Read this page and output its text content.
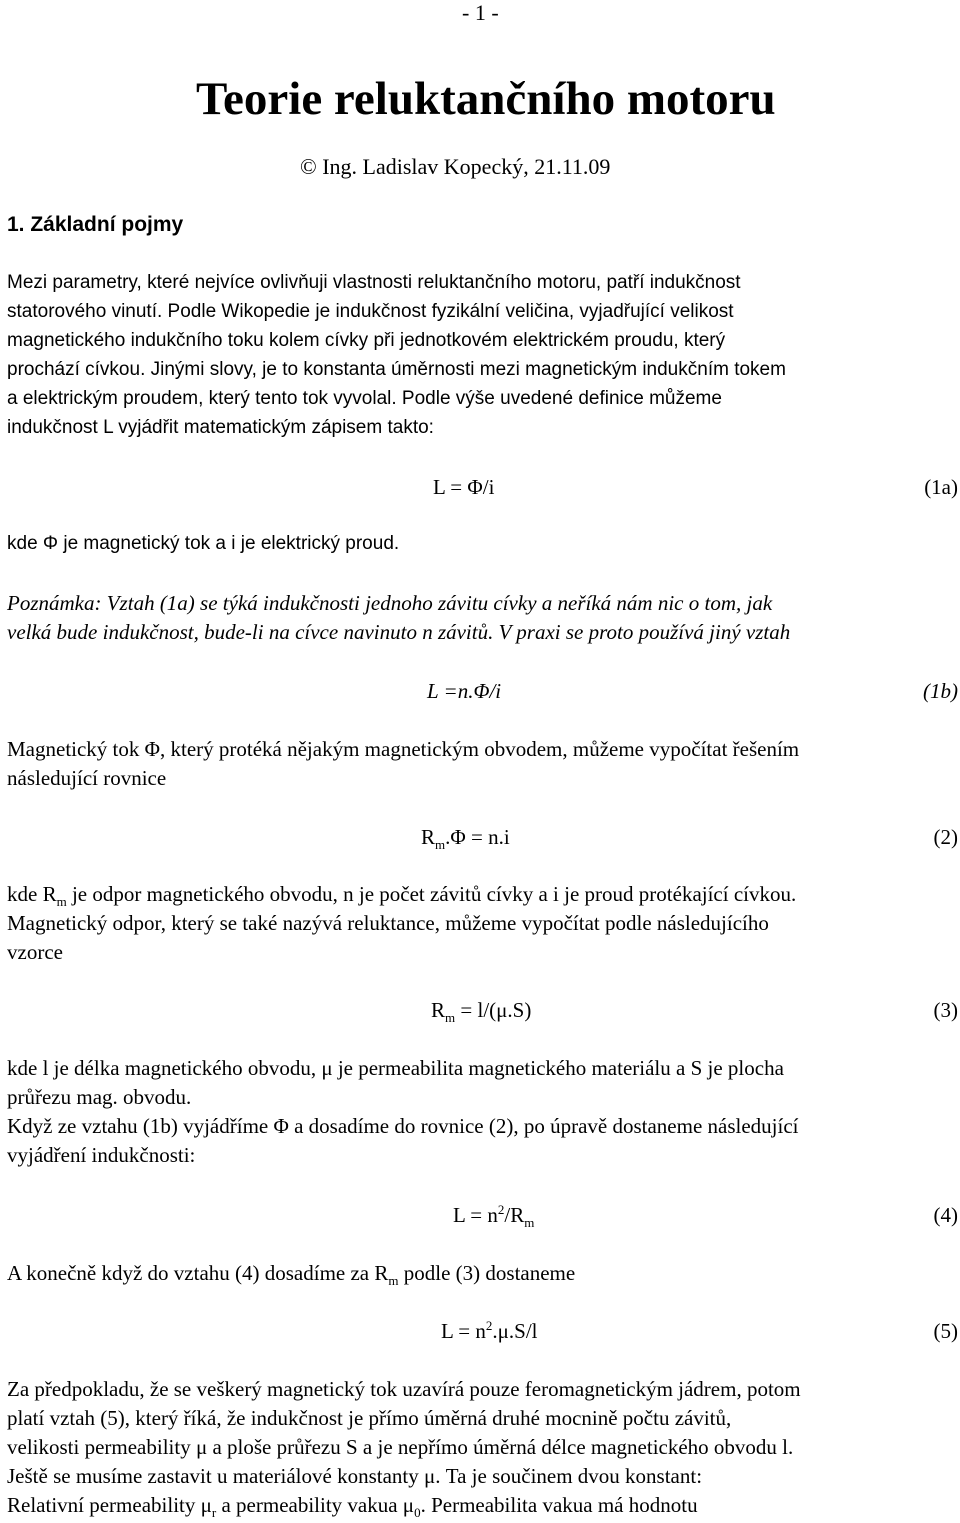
- 1 -
Teorie reluktančního motoru
© Ing. Ladislav Kopecký, 21.11.09
1. Základní pojmy
Mezi parametry, které nejvíce ovlivňuji vlastnosti reluktančního motoru, patří indukčnost
statorového vinutí. Podle Wikopedie je indukčnost fyzikální veličina, vyjadřující velikost
magnetického indukčního toku kolem cívky při jednotkovém elektrickém proudu, který
prochází cívkou. Jinými slovy, je to konstanta úměrnosti mezi magnetickým indukčním tokem
a elektrickým proudem, který tento tok vyvolal. Podle výše uvedené definice můžeme
indukčnost L vyjádřit matematickým zápisem takto:
L = Φ/i	(1a)
kde Φ je magnetický tok a i je elektrický proud.
Poznámka: Vztah (1a) se týká indukčnosti jednoho závitu cívky a neříká nám nic o tom, jak
velká bude indukčnost, bude-li na cívce navinuto n závitů. V praxi se proto používá jiný vztah
L =n.Φ/i	(1b)
Magnetický tok Φ, který protéká nějakým magnetickým obvodem, můžeme vypočítat řešením
následující rovnice
$R_m.\Phi = n.i$	(2)
kde $R_m$ je odpor magnetického obvodu, n je počet závitů cívky a i je proud protékající cívkou.
Magnetický odpor, který se také nazývá reluktance, můžeme vypočítat podle následujícího
vzorce
$R_m = l/(\mu.S)$	(3)
kde l je délka magnetického obvodu, μ je permeabilita magnetického materiálu a S je plocha
průřezu mag. obvodu.
Když ze vztahu (1b) vyjádříme Φ a dosadíme do rovnice (2), po úpravě dostaneme následující
vyjádření indukčnosti:
$L = n^2/R_m$	(4)
A konečně když do vztahu (4) dosadíme za $R_m$ podle (3) dostaneme
$L = n^2.\mu.S/l$	(5)
Za předpokladu, že se veškerý magnetický tok uzavírá pouze feromagnetickým jádrem, potom
platí vztah (5), který říká, že indukčnost je přímo úměrná druhé mocnině počtu závitů,
velikosti permeability μ a ploše průřezu S a je nepřímo úměrná délce magnetického obvodu l.
Ještě se musíme zastavit u materiálové konstanty μ. Ta je součinem dvou konstant:
Relativní permeability $\mu_r$ a permeability vakua $\mu_0$. Permeabilita vakua má hodnotu
